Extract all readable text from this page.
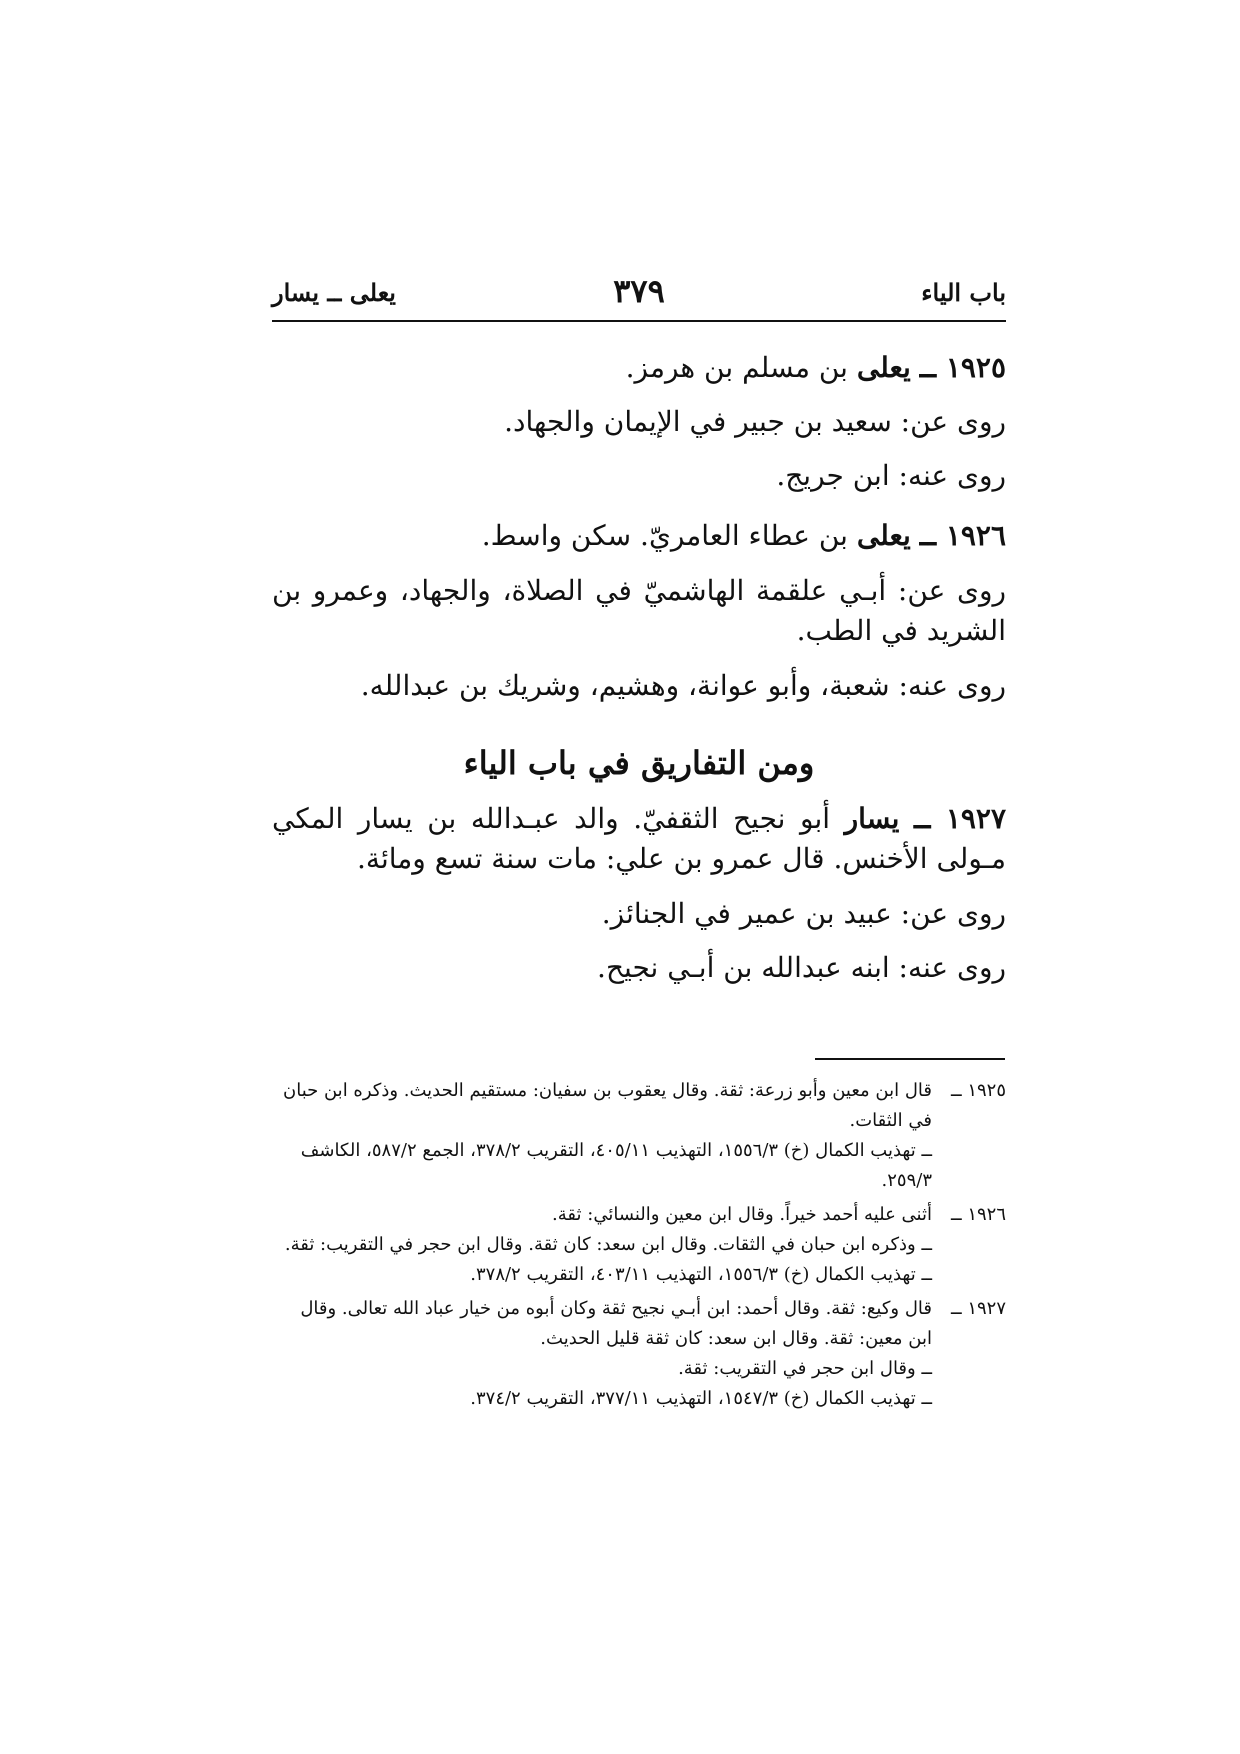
باب الياء
٣٧٩
يعلى ــ يسار

١٩٢٥ ــ يعلى بن مسلم بن هرمز.

روى عن: سعيد بن جبير في الإيمان والجهاد.

روى عنه: ابن جريج.

١٩٢٦ ــ يعلى بن عطاء العامريّ. سكن واسط.

روى عن: أبـي علقمة الهاشميّ في الصلاة، والجهاد، وعمرو بن الشريد في الطب.

روى عنه: شعبة، وأبو عوانة، وهشيم، وشريك بن عبدالله.

ومن التفاريق في باب الياء

١٩٢٧ ــ يسار أبو نجيح الثقفيّ. والد عبـدالله بن يسار المكي مـولى الأخنس. قال عمرو بن علي: مات سنة تسع ومائة.

روى عن: عبيد بن عمير في الجنائز.

روى عنه: ابنه عبدالله بن أبـي نجيح.

١٩٢٥ ــ

قال ابن معين وأبو زرعة: ثقة. وقال يعقوب بن سفيان: مستقيم الحديث. وذكره ابن حبان في الثقات.

ــ تهذيب الكمال (خ) ١٥٥٦/٣، التهذيب ٤٠٥/١١، التقريب ٣٧٨/٢، الجمع ٥٨٧/٢، الكاشف ٢٥٩/٣.

١٩٢٦ ــ

أثنى عليه أحمد خيراً. وقال ابن معين والنسائي: ثقة.

ــ وذكره ابن حبان في الثقات. وقال ابن سعد: كان ثقة. وقال ابن حجر في التقريب: ثقة.

ــ تهذيب الكمال (خ) ١٥٥٦/٣، التهذيب ٤٠٣/١١، التقريب ٣٧٨/٢.

١٩٢٧ ــ

قال وكيع: ثقة. وقال أحمد: ابن أبـي نجيح ثقة وكان أبوه من خيار عباد الله تعالى. وقال ابن معين: ثقة. وقال ابن سعد: كان ثقة قليل الحديث.

ــ وقال ابن حجر في التقريب: ثقة.

ــ تهذيب الكمال (خ) ١٥٤٧/٣، التهذيب ٣٧٧/١١، التقريب ٣٧٤/٢.
